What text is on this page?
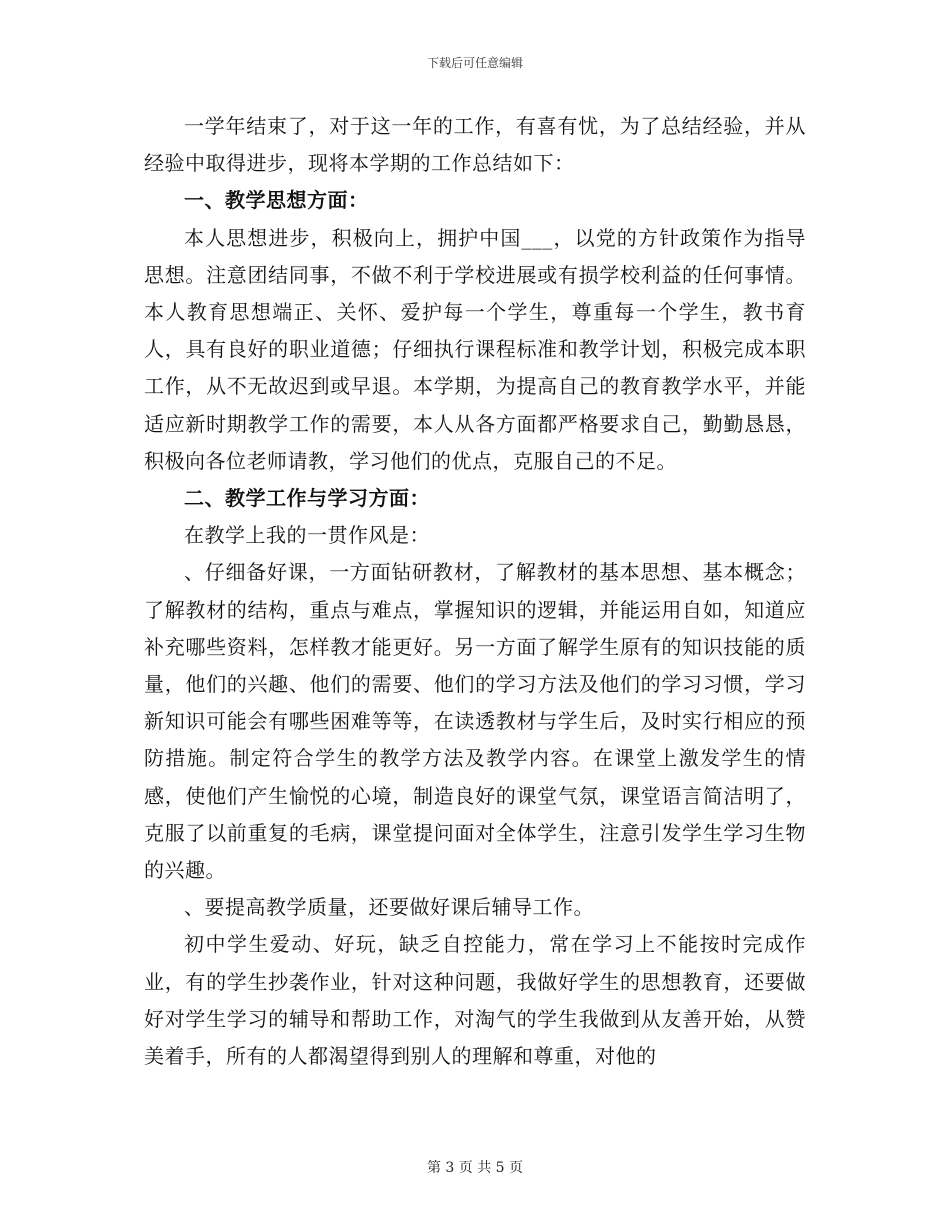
下载后可任意编辑

一学年结束了，对于这一年的工作，有喜有忧，为了总结经验，并从经验中取得进步，现将本学期的工作总结如下：

一、教学思想方面：

本人思想进步，积极向上，拥护中国___，以党的方针政策作为指导思想。注意团结同事，不做不利于学校进展或有损学校利益的任何事情。本人教育思想端正、关怀、爱护每一个学生，尊重每一个学生，教书育人，具有良好的职业道德；仔细执行课程标准和教学计划，积极完成本职工作，从不无故迟到或早退。本学期，为提高自己的教育教学水平，并能适应新时期教学工作的需要，本人从各方面都严格要求自己，勤勤恳恳，积极向各位老师请教，学习他们的优点，克服自己的不足。

二、教学工作与学习方面：

在教学上我的一贯作风是：

、仔细备好课，一方面钻研教材，了解教材的基本思想、基本概念；了解教材的结构，重点与难点，掌握知识的逻辑，并能运用自如，知道应补充哪些资料，怎样教才能更好。另一方面了解学生原有的知识技能的质量，他们的兴趣、他们的需要、他们的学习方法及他们的学习习惯，学习新知识可能会有哪些困难等等，在读透教材与学生后，及时实行相应的预防措施。制定符合学生的教学方法及教学内容。在课堂上激发学生的情感，使他们产生愉悦的心境，制造良好的课堂气氛，课堂语言简洁明了，克服了以前重复的毛病，课堂提问面对全体学生，注意引发学生学习生物的兴趣。

、要提高教学质量，还要做好课后辅导工作。

初中学生爱动、好玩，缺乏自控能力，常在学习上不能按时完成作业，有的学生抄袭作业，针对这种问题，我做好学生的思想教育，还要做好对学生学习的辅导和帮助工作，对淘气的学生我做到从友善开始，从赞美着手，所有的人都渴望得到别人的理解和尊重，对他的

第 3 页 共 5 页
